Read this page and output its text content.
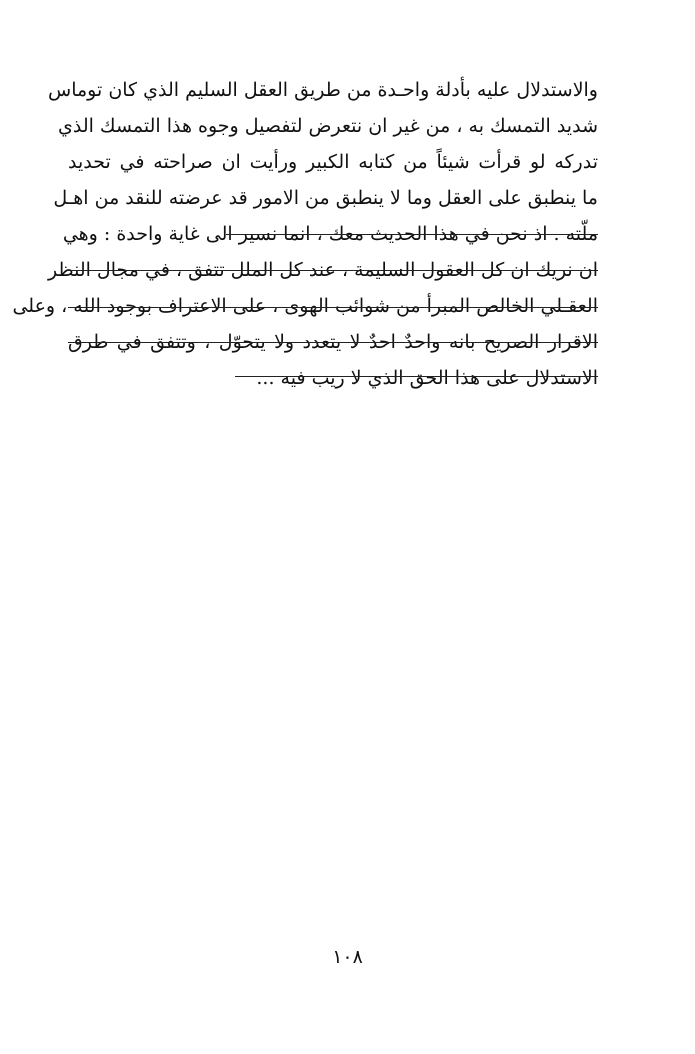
والاستدلال عليه بأدلة واحـدة من طريق العقل السليم الذي كان توماس
شديد التمسك به ، من غير ان نتعرض لتفصيل وجوه هذا التمسك الذي
تدركه لو قرأت شيئاً من كتابه الكبير ورأيت ان صراحته في تحديد
ما ينطبق على العقل وما لا ينطبق من الامور قد عرضته للنقد من اهـل
ملّته . اذ نحن في هذا الحديث معك ، انما نسير الى غاية واحدة : وهي
ان نريك ان كل العقول السليمة ، عند كل الملل تتفق ، في مجال النظر
العقـلي الخالص المبرأ من شوائب الهوى ، على الاعتراف بوجود الله ، وعلى
الاقرار الصريح بانه واحدٌ احدٌ لا يتعدد ولا يتحوّل ، وتتفق في طرق
الاستدلال على هذا الحق الذي لا ريب فيه ...
١٠٨
